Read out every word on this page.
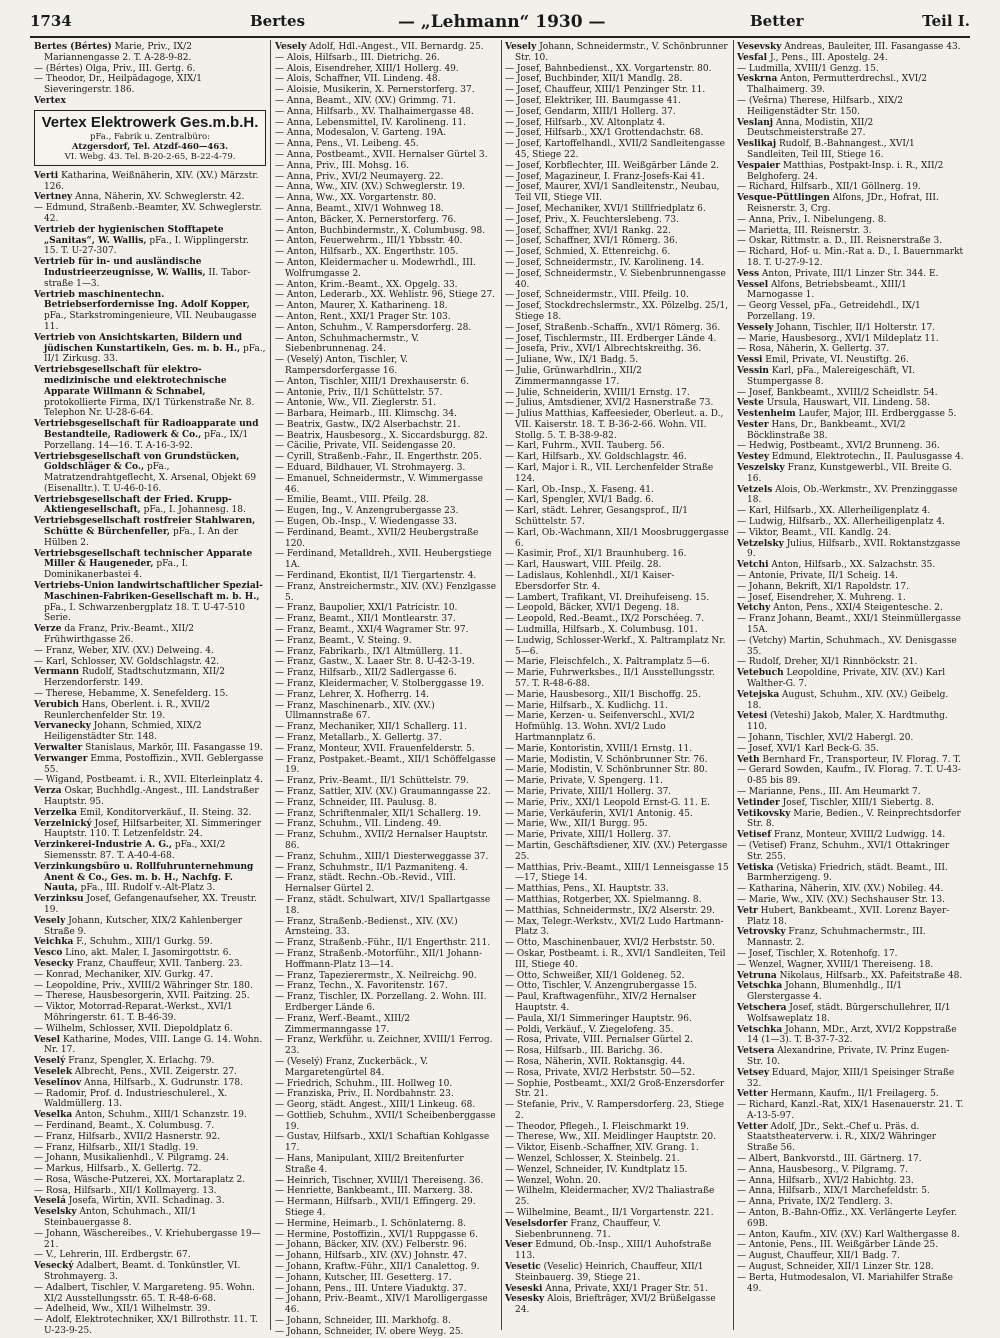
1734	Bertes	— „Lehmann“ 1930 —	Better	Teil I.
Bertes (Bértes) Marie, Priv., IX/2 Mariannengasse 2. T. A-28-9-82.
— (Bértes) Olga, Priv., III. Gertg. 6.
— Theodor, Dr., Heilpädagoge, XIX/1 Sieveringerstr. 186.
Vertex
Vertex Elektrowerk Ges.m.b.H.
pFa., Fabrik u. Zentralbüro:
Atzgersdorf, Tel. Atzdf-460—463.
VI. Webg. 43. Tel. B-20-2-65, B-22-4-79.
Verti Katharina, Weißnäherin, XIV. (XV.) Märzstr. 126.
Vertney Anna, Näherin, XV. Schweglerstr. 42.
— Edmund, Straßenb.-Beamter, XV. Schweglerstr. 42.
Vertrieb der hygienischen Stofftapete „Sanitas“, W. Wallis, pFa., I. Wipplingerstr. 15. T. U-27-307.
Vertrieb für in- und ausländische Industrieerzeugnisse, W. Wallis, II. Tabor-straße 1—3.
Vertrieb maschinentechn. Betriebserfordernisse Ing. Adolf Kopper, pFa., Starkstromingenieure, VII. Neubaugasse 11.
Vertrieb von Ansichtskarten, Bildern und jüdischen Kunstartikeln, Ges. m. b. H., pFa., II/1 Zirkusg. 33.
Vertriebsgesellschaft für elektro-medizinische und elektrotechnische Apparate Willmann & Schnabel, protokollierte Firma, IX/1 Türkenstraße Nr. 8. Telephon Nr. U-28-6-64.
Vertriebsgesellschaft für Radioapparate und Bestandteile, Radiowerk & Co., pFa., IX/1 Porzellang. 14—16. T. A-16-3-92.
Vertriebsgesellschaft von Grundstücken, Goldschläger & Co., pFa., Matratzendrahtgeflecht, X. Arsenal, Objekt 69 (Eisenalltr.). T. U-46-0-16.
Vertriebsgesellschaft der Fried. Krupp-Aktiengesellschaft, pFa., I. Johannesg. 18.
Vertriebsgesellschaft rostfreier Stahlwaren, Schütte & Bürchenfeller, pFa., I. An der Hülben 2.
Vertriebsgesellschaft technischer Apparate Miller & Haugeneder, pFa., I. Dominikanerbastei 4.
Vertriebs-Union landwirtschaftlicher Spezial-Maschinen-Fabriken-Gesellschaft m. b. H., pFa., I. Schwarzenbergplatz 18. T. U-47-510 Serie.
Verze da Franz, Priv.-Beamt., XII/2 Frühwirthgasse 26.
— Franz, Weber, XIV. (XV.) Delweing. 4.
— Karl, Schlosser, XV. Goldschlagstr. 42.
Vermann Rudolf, Stadtschutzmann, XII/2 Herzendorferstr. 149.
— Therese, Hebamme, X. Senefelderg. 15.
Verubich Hans, Oberlent. i. R., XVII/2 Reunlerchenfelder Str. 19.
Vervanecky Johann, Schmied, XIX/2 Heiligenstädter Str. 148.
Verwalter Stanislaus, Markör, III. Fasangasse 19.
Verwanger Emma, Postoffizin., XVII. Geblergasse 55.
— Wigand, Postbeamt. i. R., XVII. Elterleinplatz 4.
Verza Oskar, Buchhdlg.-Angest., III. Landstraßer Hauptstr. 95.
Verzelka Emil, Konditorverkäuf., II. Steing. 32.
Verzelnický Josef, Hilfsarbeiter, XI. Simmeringer Hauptstr. 110. T. Letzenfeldstr. 24.
Verzinkerei-Industrie A. G., pFa., XXI/2 Siemensstr. 87. T. A-40-4-68.
Verzinkungsbüro u. Rollfuhrunternehmung Anent & Co., Ges. m. b. H., Nachfg. F. Nauta, pFa., III. Rudolf v.-Alt-Platz 3.
Verzinksu Josef, Gefangenaufseher, XX. Treustr. 19.
Vesely Johann, Kutscher, XIX/2 Kahlenberger Straße 9.
Veichka F., Schuhm., XIII/1 Gurkg. 59.
Vesco Lino, akt. Maler, I. Jasomirgottstr. 6.
Vesecky Franz, Chauffeur, XVII. Tanberg. 23.
— Konrad, Mechaniker, XIV. Gurkg. 47.
— Leopoldine, Priv., XVIII/2 Währinger Str. 180.
— Therese, Hausbesorgerin, XVII. Paitzing. 25.
— Viktor, Motorrad-Reparat.-Werkst., XVI/1 Möhringerstr. 61. T. B-46-39.
— Wilhelm, Schlosser, XVII. Diepoldplatz 6.
Vesel Katharine, Modes, VIII. Lange G. 14. Wohn. Nr. 17.
Veselý Franz, Spengler, X. Erlachg. 79.
Veselek Albrecht, Pens., XVII. Zeigerstr. 27.
Veselínov Anna, Hilfsarb., X. Gudrunstr. 178.
— Radomir, Prof. d. Industrieschulerel., X. Waldmüllerg. 13.
Veselka Anton, Schuhm., XIII/1 Schanzstr. 19.
— Ferdinand, Beamt., X. Columbusg. 7.
— Franz, Hilfsarb., XVII/2 Hasnerstr. 92.
— Franz, Hilfsarb., XII/1 Stadlg. 19.
— Johann, Musikalienhdl., V. Pilgramg. 24.
— Markus, Hilfsarb., X. Gellertg. 72.
— Rosa, Wäsche-Putzerei, XX. Mortaraplatz 2.
— Rosa, Hilfsarb., XII/1 Kollmayerg. 13.
Veselá Josefa, Wirtin, XVII. Schadinag. 3.
Veselsky Anton, Schuhmach., XII/1 Steinbauergasse 8.
— Johann, Wäschereibes., V. Kriehubergasse 19—21.
— V., Lehrerin, III. Erdbergstr. 67.
Vesecký Adalbert, Beamt. d. Tonkünstler, VI. Strohmayerg. 3.
— Adalbert, Tischler, V. Margareteng. 95. Wohn. XI/2 Ausstellungsstr. 65. T. R-48-6-68.
— Adelheid, Ww., XII/1 Wilhelmstr. 39.
— Adolf, Elektrotechniker, XX/1 Billrothstr. 11. T. U-23-9-25.
Vesely Adolf, Hdl.-Angest., VII. Bernardg. 25.
— Alois, Hilfsarb., III. Dietrichg. 26.
— Alois, Eisendreher, XIII/1 Hollerg. 49.
— Alois, Schaffner, VII. Lindeng. 48.
— Aloisie, Musikerin, X. Pernerstorferg. 37.
— Anna, Beamt., XIV. (XV.) Grimmg. 71.
— Anna, Hilfsarb., XV. Thalhaimergasse 48.
— Anna, Lebensmittel, IV. Karolineng. 11.
— Anna, Modesalon, V. Garteng. 19A.
— Anna, Pens., VI. Leibeng. 45.
— Anna, Postbeamt., XVII. Hernalser Gürtel 3.
— Anna, Priv., III. Mohsg. 16.
— Anna, Priv., XVI/2 Neumayerg. 22.
— Anna, Ww., XIV. (XV.) Schweglerstr. 19.
— Anna, Ww., XX. Vorgartenstr. 80.
— Anna, Beamt., XIV/1 Wohnweg 18.
— Anton, Bäcker, X. Pernerstorferg. 76.
— Anton, Buchbindermstr., X. Columbusg. 98.
— Anton, Feuerwehrm., III/1 Ybbsstr. 40.
— Anton, Hilfsarb., XX. Engerthstr. 105.
— Anton, Kleidermacher u. Modewrhdl., III. Wolfrumgasse 2.
— Anton, Krim.-Beamt., XX. Opgelg. 33.
— Anton, Lederarb., XX. Wehlistr. 96, Stiege 27.
— Anton, Maurer, X. Katharineng. 18.
— Anton, Rent., XXI/1 Prager Str. 103.
— Anton, Schuhm., V. Rampersdorferg. 28.
— Anton, Schuhmachermstr., V. Siebenbrunnenag. 24.
— (Veselý) Anton, Tischler, V. Rampersdorfergasse 16.
— Anton, Tischler, XIII/1 Drexhauserstr. 6.
— Antonie, Priv., II/1 Schüttelstr. 57.
— Antonie, Ww., VII. Zieglerstr. 51.
— Barbara, Heimarb., III. Klimschg. 34.
— Beatrix, Gastw., IX/2 Alserbachstr. 21.
— Beatrix, Hausbesorg., X. Siccardsburgg. 82.
— Cäcilie, Private, VII. Seidengasse 20.
— Cyrill, Straßenb.-Fahr., II. Engerthstr. 205.
— Eduard, Bildhauer, VI. Strohmayerg. 3.
— Emanuel, Schneidermstr., V. Wimmergasse 46.
— Emilie, Beamt., VIII. Pfeilg. 28.
— Eugen, Ing., V. Anzengrubergasse 23.
— Eugen, Ob.-Insp., V. Wiedengasse 33.
— Ferdinand, Beamt., XVII/2 Heubergstraße 120.
— Ferdinand, Metalldreh., XVII. Heubergstiege 1A.
— Ferdinand, Ekontist, II/1 Tiergartenstr. 4.
— Franz, Anstreichermstr., XIV. (XV.) Fenzlgasse 5.
— Franz, Baupolier, XXI/1 Patricistr. 10.
— Franz, Beamt., XII/1 Montlearstr. 37.
— Franz, Beamt., XXI/4 Wagramer Str. 97.
— Franz, Beamt., V. Steing. 9.
— Franz, Fabrikarb., IX/1 Altmüllerg. 11.
— Franz, Gastw., X. Laaer Str. 8. U-42-3-19.
— Franz, Hilfsarb., XII/2 Sadlergasse 6.
— Franz, Kleidermacher, V. Stolberggasse 19.
— Franz, Lehrer, X. Hofherrg. 14.
— Franz, Maschinenarb., XIV. (XV.) Ullmannstraße 67.
— Franz, Mechaniker, XII/1 Schallerg. 11.
— Franz, Metallarb., X. Gellertg. 37.
— Franz, Monteur, XVII. Frauenfelderstr. 5.
— Franz, Postpaket.-Beamt., XII/1 Schöffelgasse 19.
— Franz, Priv.-Beamt., II/1 Schüttelstr. 79.
— Franz, Sattler, XIV. (XV.) Graumanngasse 22.
— Franz, Schneider, III. Paulusg. 8.
— Franz, Schriftenmaler, XII/1 Schallerg. 19.
— Franz, Schuhm., VII. Lindeng. 49.
— Franz, Schuhm., XVII/2 Hernalser Hauptstr. 86.
— Franz, Schuhm., XIII/1 Diesterweggasse 37.
— Franz, Schuhmstr., II/1 Pazmaniteng. 4.
— Franz, städt. Rechn.-Ob.-Revid., VIII. Hernalser Gürtel 2.
— Franz, städt. Schulwart, XIV/1 Spallartgasse 18.
— Franz, Straßenb.-Bedienst., XIV. (XV.) Arnsteing. 33.
— Franz, Straßenb.-Führ., II/1 Engerthstr. 211.
— Franz, Straßenb.-Motorführ., XII/1 Johann-Hoffmann-Platz 13—14.
— Franz, Tapezierermstr., X. Neilreichg. 90.
— Franz, Techn., X. Favoritenstr. 167.
— Franz, Tischler, IX. Porzellang. 2. Wohn. III. Erdberger Lände 6.
— Franz, Werf.-Beamt., XIII/2 Zimmermanngasse 17.
— Franz, Werkführ. u. Zeichner, XVIII/1 Ferrog. 23.
— (Veselý) Franz, Zuckerbäck., V. Margaretengürtel 84.
— Friedrich, Schuhm., III. Hollweg 10.
— Franziska, Priv., II. Nordbahnstr. 23.
— Georg, städt. Angest., XIII/1 Linkeug. 68.
— Gottlieb, Schuhm., XVII/1 Scheibenberggasse 19.
— Gustav, Hilfsarb., XXI/1 Schaftian Kohlgasse 17.
— Hans, Manipulant, XIII/2 Breitenfurter Straße 4.
— Heinrich, Tischner, XVIII/1 Thereiseng. 36.
— Henriette, Bankbeamt., III. Marxerg. 38.
— Hermann, Hilfsarb., XVII/1 Effingerg. 29. Stiege 4.
— Hermine, Heimarb., I. Schönlaterng. 8.
— Hermine, Postoffizin., XVI/1 Ruppgasse 6.
— Johann, Bäcker, XIV. (XV.) Felberstr. 96.
— Johann, Hilfsarb., XIV. (XV.) Johnstr. 47.
— Johann, Kraftw.-Führ., XII/1 Canalettog. 9.
— Johann, Kutscher, III. Gesetterg. 17.
— Johann, Pens., III. Untere Viaduktg. 37.
— Johann, Priv.-Beamt., XIV/1 Marolligergasse 46.
— Johann, Schneider, III. Markhofg. 8.
— Johann, Schneider, IV. obere Weyg. 25.
Vesely Johann, Schneidermstr., V. Schönbrunner Str. 10.
— Josef, Bahnbedienst., XX. Vorgartenstr. 80.
— Josef, Buchbinder, XII/1 Mandlg. 28.
— Josef, Chauffeur, XIII/1 Penzinger Str. 11.
— Josef, Elektriker, III. Baumgasse 41.
— Josef, Gendarm, XIII/1 Hollerg. 37.
— Josef, Hilfsarb., XV. Altonplatz 4.
— Josef, Hilfsarb., XX/1 Grottendachstr. 68.
— Josef, Kartoffelhandl., XVII/2 Sandleitengasse 45, Stiege 22.
— Josef, Korbflechter, III. Weißgärber Lände 2.
— Josef, Magazineur, I. Franz-Josefs-Kai 41.
— Josef, Maurer, XVI/1 Sandleitenstr., Neubau, Teil VII, Stiege VII.
— Josef, Mechaniker, XVI/1 Stillfriedplatz 6.
— Josef, Priv., X. Feuchterslebeng. 73.
— Josef, Schaffner, XVI/1 Rankg. 22.
— Josef, Schaffner, XVI/1 Römerg. 36.
— Josef, Schmied, X. Ettenreichg. 6.
— Josef, Schneidermstr., IV. Karolineng. 14.
— Josef, Schneidermstr., V. Siebenbrunnengasse 40.
— Josef, Schneidermstr., VIII. Pfeilg. 10.
— Josef, Stockdrechslermstr., XX. Pölzelbg. 25/1, Stiege 18.
— Josef, Straßenb.-Schaffn., XVI/1 Römerg. 36.
— Josef, Tischlermstr., III. Erdberger Lände 4.
— Josefa, Priv., XVI/1 Albrechtskreithg. 36.
— Juliane, Ww., IX/1 Badg. 5.
— Julie, Grünwarhdlrin., XII/2 Zimmermanngasse 17.
— Julie, Schneiderin, XVIII/1 Ernstg. 17.
— Julius, Amtsdiener, XVI/2 Hasnerstraße 73.
— Julius Matthias, Kaffeesieder, Oberleut. a. D., VII. Kaiserstr. 18. T. B-36-2-66. Wohn. VII. Stollg. 5. T. B-38-9-82.
— Karl, Fuhrm., XVII. Tauberg. 56.
— Karl, Hilfsarb., XV. Goldschlagstr. 46.
— Karl, Major i. R., VII. Lerchenfelder Straße 124.
— Karl, Ob.-Insp., X. Faseng. 41.
— Karl, Spengler, XVI/1 Badg. 6.
— Karl, städt. Lehrer, Gesangsprof., II/1 Schüttelstr. 57.
— Karl, Ob.-Wachmann, XII/1 Moosbruggergasse 6.
— Kasimir, Prof., XI/1 Braunhuberg. 16.
— Karl, Hauswart, VIII. Pfeilg. 28.
— Ladislaus, Kohlenhdl., XI/1 Kaiser-Ebersdorfer Str. 4.
— Lambert, Trafikant, VI. Dreihufeiseng. 15.
— Leopold, Bäcker, XVI/1 Degeng. 18.
— Leopold, Red.-Beamt., IX/2 Porschéeg. 7.
— Ludmilla, Hilfsarb., X. Columbusg. 101.
— Ludwig, Schlosser-Werkf., X. Paltramplatz Nr. 5—6.
— Marie, Fleischfelch., X. Paltramplatz 5—6.
— Marie, Fuhrwerksbes., II/1 Ausstellungsstr. 57. T. R-48-6-88.
— Marie, Hausbesorg., XII/1 Bischoffg. 25.
— Marie, Hilfsarb., X. Kudlichg. 11.
— Marie, Kerzen- u. Seifenverschl., XVI/2 Hofmühlg. 13. Wohn. XVI/2 Ludo Hartmannplatz 6.
— Marie, Kontoristin, XVIII/1 Ernstg. 11.
— Marie, Modistin, V. Schönbrunner Str. 76.
— Marie, Modistin, V. Schönbrunner Str. 80.
— Marie, Private, V. Spengerg. 11.
— Marie, Private, XIII/1 Hollerg. 37.
— Marie, Priv., XXI/1 Leopold Ernst-G. 11. E.
— Marie, Verkäuferin, XVI/1 Antonig. 45.
— Marie, Ww., XII/1 Burgg. 95.
— Marie, Private, XIII/1 Hollerg. 37.
— Martin, Geschäftsdiener, XIV. (XV.) Petergasse 25.
— Matthias, Priv.-Beamt., XIII/1 Lenneisgasse 15—17, Stiege 14.
— Matthias, Pens., XI. Hauptstr. 33.
— Matthias, Rotgerber, XX. Spielmanng. 8.
— Matthias, Schneidermstr., IX/2 Alserstr. 29.
— Max, Telegr.-Werkstv., XVI/2 Ludo Hartmann-Platz 3.
— Otto, Maschinenbauer, XVI/2 Herbststr. 50.
— Oskar, Postbeamt. i. R., XVI/1 Sandleiten, Teil III, Stiege 40.
— Otto, Schweißer, XII/1 Goldeneg. 52.
— Otto, Tischler, V. Anzengrubergasse 15.
— Paul, Kraftwagenführ., XIV/2 Hernalser Hauptstr. 4.
— Paula, XI/1 Simmeringer Hauptstr. 96.
— Poldi, Verkäuf., V. Ziegelofeng. 35.
— Rosa, Private, VIII. Pernalser Gürtel 2.
— Rosa, Hilfsarb., III. Barichg. 36.
— Rosa, Näherin, XVII. Roktansgig. 44.
— Rosa, Private, XVI/2 Herbststr. 50—52.
— Sophie, Postbeamt., XXI/2 Groß-Enzersdorfer Str. 21.
— Stefanie, Priv., V. Rampersdorferg. 23, Stiege 2.
— Theodor, Pflegeh., I. Fleischmarkt 19.
— Therese, Ww., XII. Meidlinger Hauptstr. 20.
— Viktor, Eisenb.-Schaffner, XIV. Grang. 1.
— Wenzel, Schlosser, X. Steinbelg. 21.
— Wenzel, Schneider, IV. Kundtplatz 15.
— Wenzel, Wohn. 20.
— Wilhelm, Kleidermacher, XV/2 Thaliastraße 25.
— Wilhelmine, Beamt., II/1 Vorgartenstr. 221.
Veselsdorfer Franz, Chauffeur, V. Siebenbrunneng. 71.
Veser Edmund, Ob.-Insp., XIII/1 Auhofstraße 113.
Vesetic (Veselic) Heinrich, Chauffeur, XII/1 Steinbauerg. 39, Stiege 21.
Veseski Anna, Private, XXI/1 Prager Str. 51.
Vesesky Alois, Briefträger, XVI/2 Brüßelgasse 24.
Vesevsky Andreas, Bauleiter, III. Fasangasse 43.
Vesfal J., Pens., III. Apostelg. 24.
— Ludmilla, XVIII/1 Genzg. 15.
Veskrna Anton, Permutterdrechsl., XVI/2 Thalhaimerg. 39.
— (Vešrna) Therese, Hilfsarb., XIX/2 Heiligenstädter Str. 150.
Veslanj Anna, Modistin, XII/2 Deutschmeisterstraße 27.
Veslikaj Rudolf, B.-Bahnangest., XVI/1 Sandleiten, Teil III, Stiege 16.
Vespaier Matthias, Postpakt-Insp. i. R., XII/2 Belghoferg. 24.
— Richard, Hilfsarb., XII/1 Göllnerg. 19.
Vesque-Püttlingen Alfons, JDr., Hofrat, III. Reisnerstr. 3, Crg.
— Anna, Priv., I. Nibelungeng. 8.
— Marietta, III. Reisnerstr. 3.
— Oskar, Rittmstr. a. D., III. Reisnerstraße 3.
— Richard, Hof- u. Min.-Rat a. D., I. Bauernmarkt 18. T. U-27-9-12.
Vess Anton, Private, III/1 Linzer Str. 344. E.
Vessel Alfons, Betriebsbeamt., XIII/1 Marnogasse 1.
— Georg Vessel, pFa., Getreidehdl., IX/1 Porzellang. 19.
Vessely Johann, Tischler, II/1 Holterstr. 17.
— Marie, Hausbesorg., XVI/1 Mildeplatz 11.
— Rosa, Näherin, X. Gellertg. 37.
Vessi Emil, Private, VI. Neustiftg. 26.
Vessin Karl, pFa., Malereigeschäft, VI. Stumpergasse 8.
— Josef, Bankbeamt., XVIII/2 Scheidlstr. 54.
Veste Ursula, Hauswart, VII. Lindeng. 58.
Vestenheim Laufer, Major, III. Erdberggasse 5.
Vester Hans, Dr., Bankbeamt., XVI/2 Böcklinstraße 38.
— Hedwig, Postbeamt., XVI/2 Brunneng. 36.
Vestey Edmund, Elektrotechn., II. Paulusgasse 4.
Veszelsky Franz, Kunstgewerbl., VII. Breite G. 16.
Vetzels Alois, Ob.-Werkmstr., XV. Prenzinggasse 18.
— Karl, Hilfsarb., XX. Allerheiligenplatz 4.
— Ludwig, Hilfsarb., XX. Allerheiligenplatz 4.
— Viktor, Beamt., VII. Kandlg. 24.
Vetzelsky Julius, Hilfsarb., XVII. Roktanstzgasse 9.
Vetchi Anton, Hilfsarb., XX. Salzachstr. 35.
— Antonie, Private, II/1 Scheig. 14.
— Johann, Bekrift, XI/1 Rapoldstr. 17.
— Josef, Eisendreher, X. Muhreng. 1.
Vetchy Anton, Pens., XXI/4 Steigentesche. 2.
— Franz Johann, Beamt., XXI/1 Steinmüllergasse 15A.
— (Vetchy) Martin, Schuhmach., XV. Denisgasse 35.
— Rudolf, Dreher, XI/1 Rinnböckstr. 21.
Vetebuch Leopoldine, Private, XIV. (XV.) Karl Walther-G. 7.
Vetejska August, Schuhm., XIV. (XV.) Geibelg. 18.
Vetesi (Veteshi) Jakob, Maler, X. Hardtmuthg. 110.
— Johann, Tischler, XVI/2 Habergl. 20.
— Josef, XVI/1 Karl Beck-G. 35.
Veth Bernhard Fr., Transporteur, IV. Florag. 7. T.
— Gerard Sowden, Kaufm., IV. Florag. 7. T. U-43-0-85 bis 89.
— Marianne, Pens., III. Am Heumarkt 7.
Vetinder Josef, Tischler, XIII/1 Siebertg. 8.
Vetikovsky Marie, Bedien., V. Reinprechtsdorfer Str. 8.
Vetisef Franz, Monteur, XVIII/2 Ludwigg. 14.
— (Vetisef) Franz, Schuhm., XVI/1 Ottakringer Str. 255.
Vetiska (Vetiska) Friedrich, städt. Beamt., III. Barmherzigeng. 9.
— Katharina, Näherin, XIV. (XV.) Nobileg. 44.
— Marie, Ww., XIV. (XV.) Sechshauser Str. 13.
Vetr Hubert, Bankbeamt., XVII. Lorenz Bayer-Platz 18.
Vetrovsky Franz, Schuhmachermstr., III. Mannastr. 2.
— Josef, Tischler, X. Rotenhofg. 17.
— Wenzel, Wagner, XVIII/1 Thereiseng. 18.
Vetruna Nikolaus, Hilfsarb., XX. Pafeitstraße 48.
Vetschka Johann, Blumenhdlg., II/1 Glerstergasse 4.
Vetschera Josef, städt. Bürgerschullehrer, II/1 Wolfsaweplatz 18.
Vetschka Johann, MDr., Arzt, XVI/2 Koppstraße 14 (1—3). T. B-37-7-32.
Vetsera Alexandrine, Private, IV. Prinz Eugen-Str. 10.
Vetsey Eduard, Major, XIII/1 Speisinger Straße 32.
Vetter Hermann, Kaufm., II/1 Freilagerg. 5.
— Richard, Kanzl.-Rat, XIX/1 Hasenauerstr. 21. T. A-13-5-97.
Vetter Adolf, JDr., Sekt.-Chef u. Präs. d. Staatstheaterverw. i. R., XIX/2 Währinger Straße 56.
— Albert, Bankvorstd., III. Gärtnerg. 17.
— Anna, Hausbesorg., V. Pilgramg. 7.
— Anna, Hilfsarb., XVI/2 Habichtg. 23.
— Anna, Hilfsarb., XIX/1 Marchefeldstr. 5.
— Anna, Private, IX/2 Tendlerg. 3.
— Anton, B.-Bahn-Offiz., XX. Verlängerte Leyfer. 69B.
— Anton, Kaufm., XIV. (XV.) Karl Walthergasse 8.
— Antonie, Pens., III. Weißgärber Lände 25.
— August, Chauffeur, XII/1 Badg. 7.
— August, Schneider, XII/1 Linzer Str. 128.
— Berta, Hutmodesalon, VI. Mariahilfer Straße 49.
